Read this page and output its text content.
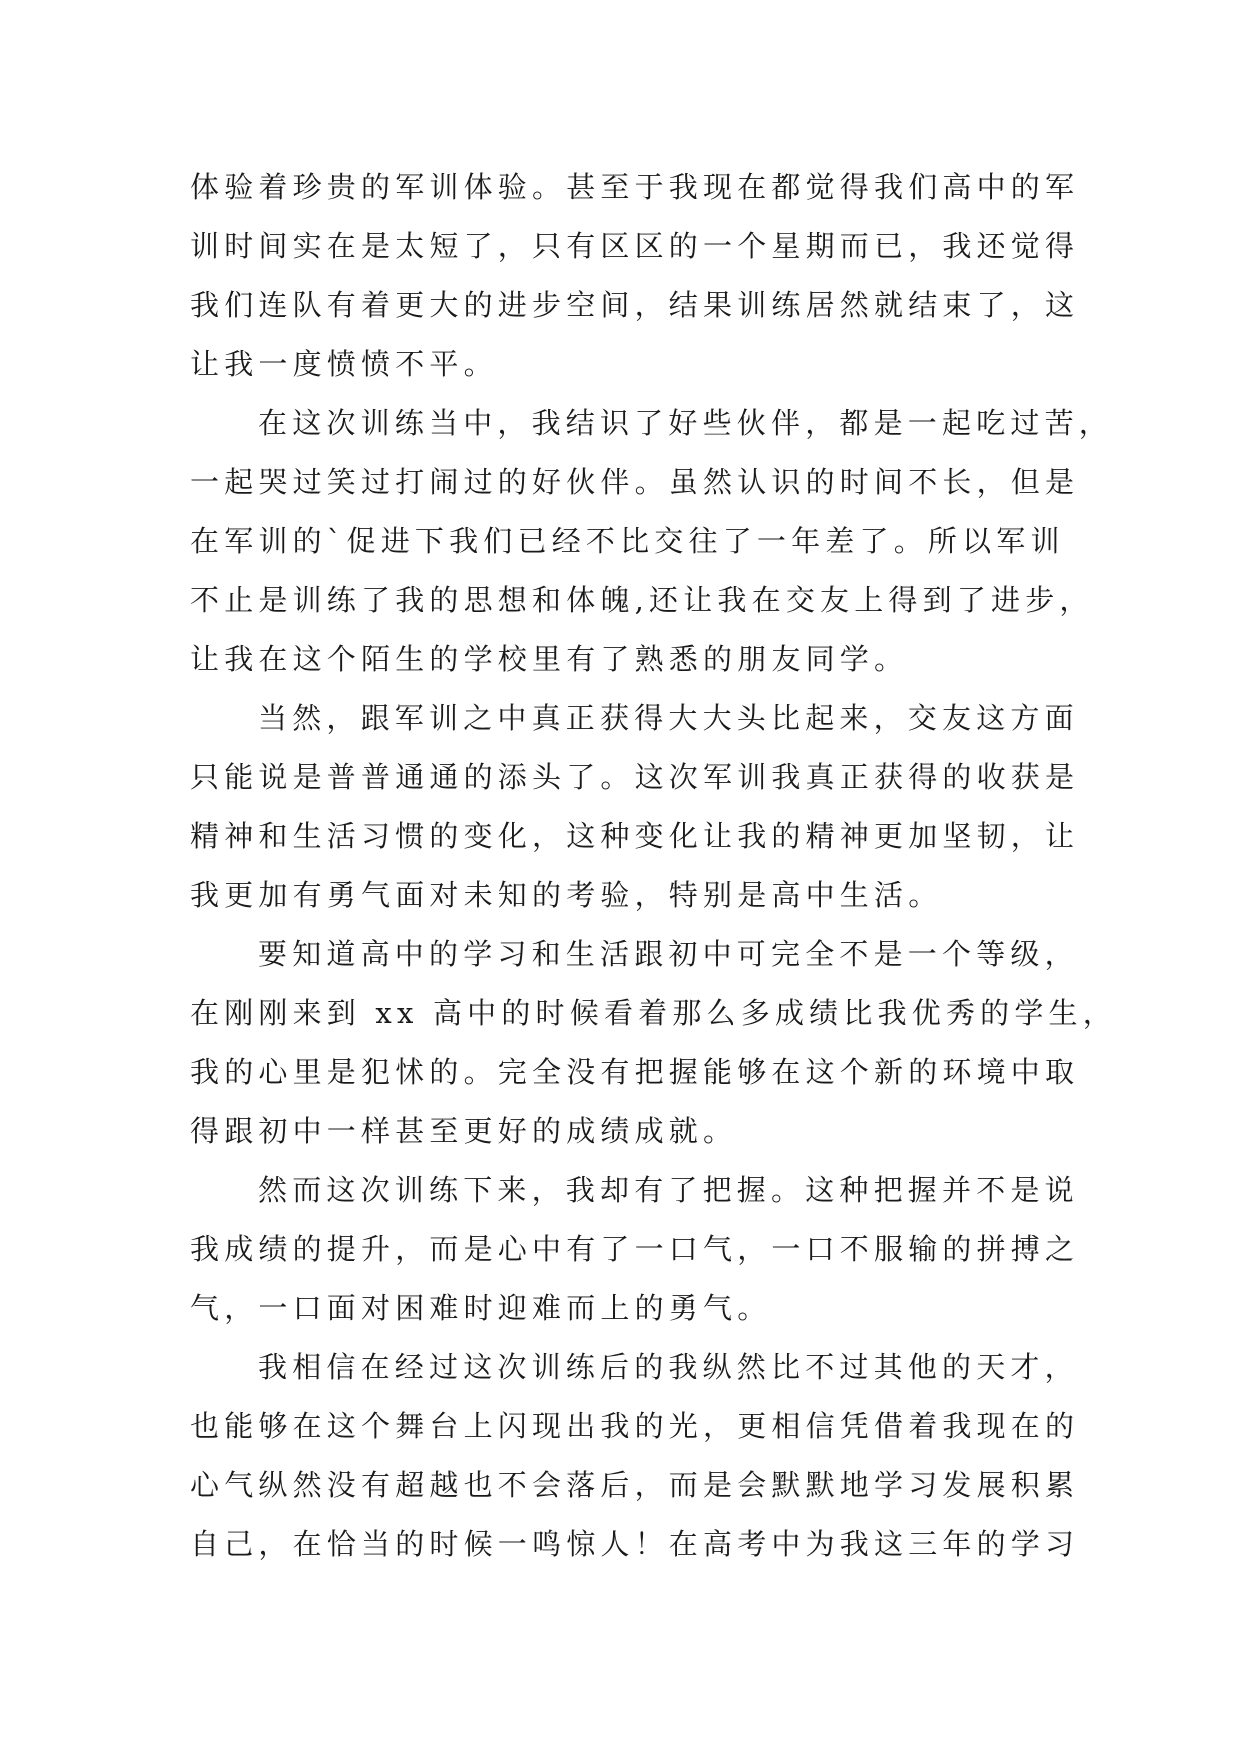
体验着珍贵的军训体验。甚至于我现在都觉得我们高中的军
训时间实在是太短了，只有区区的一个星期而已，我还觉得
我们连队有着更大的进步空间，结果训练居然就结束了，这
让我一度愤愤不平。
在这次训练当中，我结识了好些伙伴，都是一起吃过苦，
一起哭过笑过打闹过的好伙伴。虽然认识的时间不长，但是
在军训的`促进下我们已经不比交往了一年差了。所以军训
不止是训练了我的思想和体魄,还让我在交友上得到了进步，
让我在这个陌生的学校里有了熟悉的朋友同学。
当然，跟军训之中真正获得大大头比起来，交友这方面
只能说是普普通通的添头了。这次军训我真正获得的收获是
精神和生活习惯的变化，这种变化让我的精神更加坚韧，让
我更加有勇气面对未知的考验，特别是高中生活。
要知道高中的学习和生活跟初中可完全不是一个等级，
在刚刚来到 xx 高中的时候看着那么多成绩比我优秀的学生，
我的心里是犯怵的。完全没有把握能够在这个新的环境中取
得跟初中一样甚至更好的成绩成就。
然而这次训练下来，我却有了把握。这种把握并不是说
我成绩的提升，而是心中有了一口气，一口不服输的拼搏之
气，一口面对困难时迎难而上的勇气。
我相信在经过这次训练后的我纵然比不过其他的天才，
也能够在这个舞台上闪现出我的光，更相信凭借着我现在的
心气纵然没有超越也不会落后，而是会默默地学习发展积累
自己，在恰当的时候一鸣惊人！在高考中为我这三年的学习
